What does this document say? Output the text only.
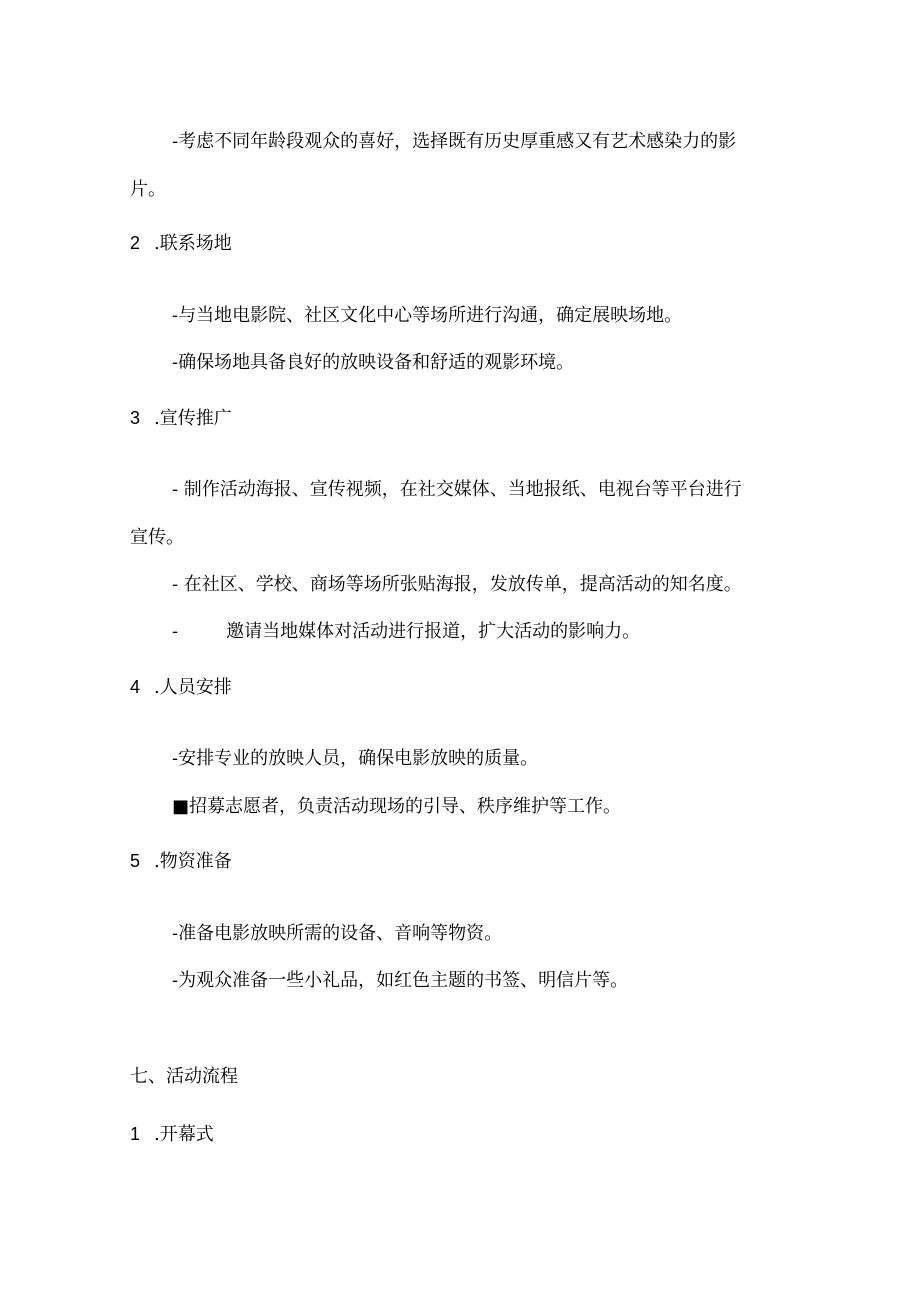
-考虑不同年龄段观众的喜好，选择既有历史厚重感又有艺术感染力的影
片。
2 .联系场地
-与当地电影院、社区文化中心等场所进行沟通，确定展映场地。
-确保场地具备良好的放映设备和舒适的观影环境。
3 .宣传推广
- 制作活动海报、宣传视频，在社交媒体、当地报纸、电视台等平台进行
宣传。
- 在社区、学校、商场等场所张贴海报，发放传单，提高活动的知名度。
-	邀请当地媒体对活动进行报道，扩大活动的影响力。
4 .人员安排
-安排专业的放映人员，确保电影放映的质量。
■招募志愿者，负责活动现场的引导、秩序维护等工作。
5 .物资准备
-准备电影放映所需的设备、音响等物资。
-为观众准备一些小礼品，如红色主题的书签、明信片等。
七、活动流程
1 .开幕式
